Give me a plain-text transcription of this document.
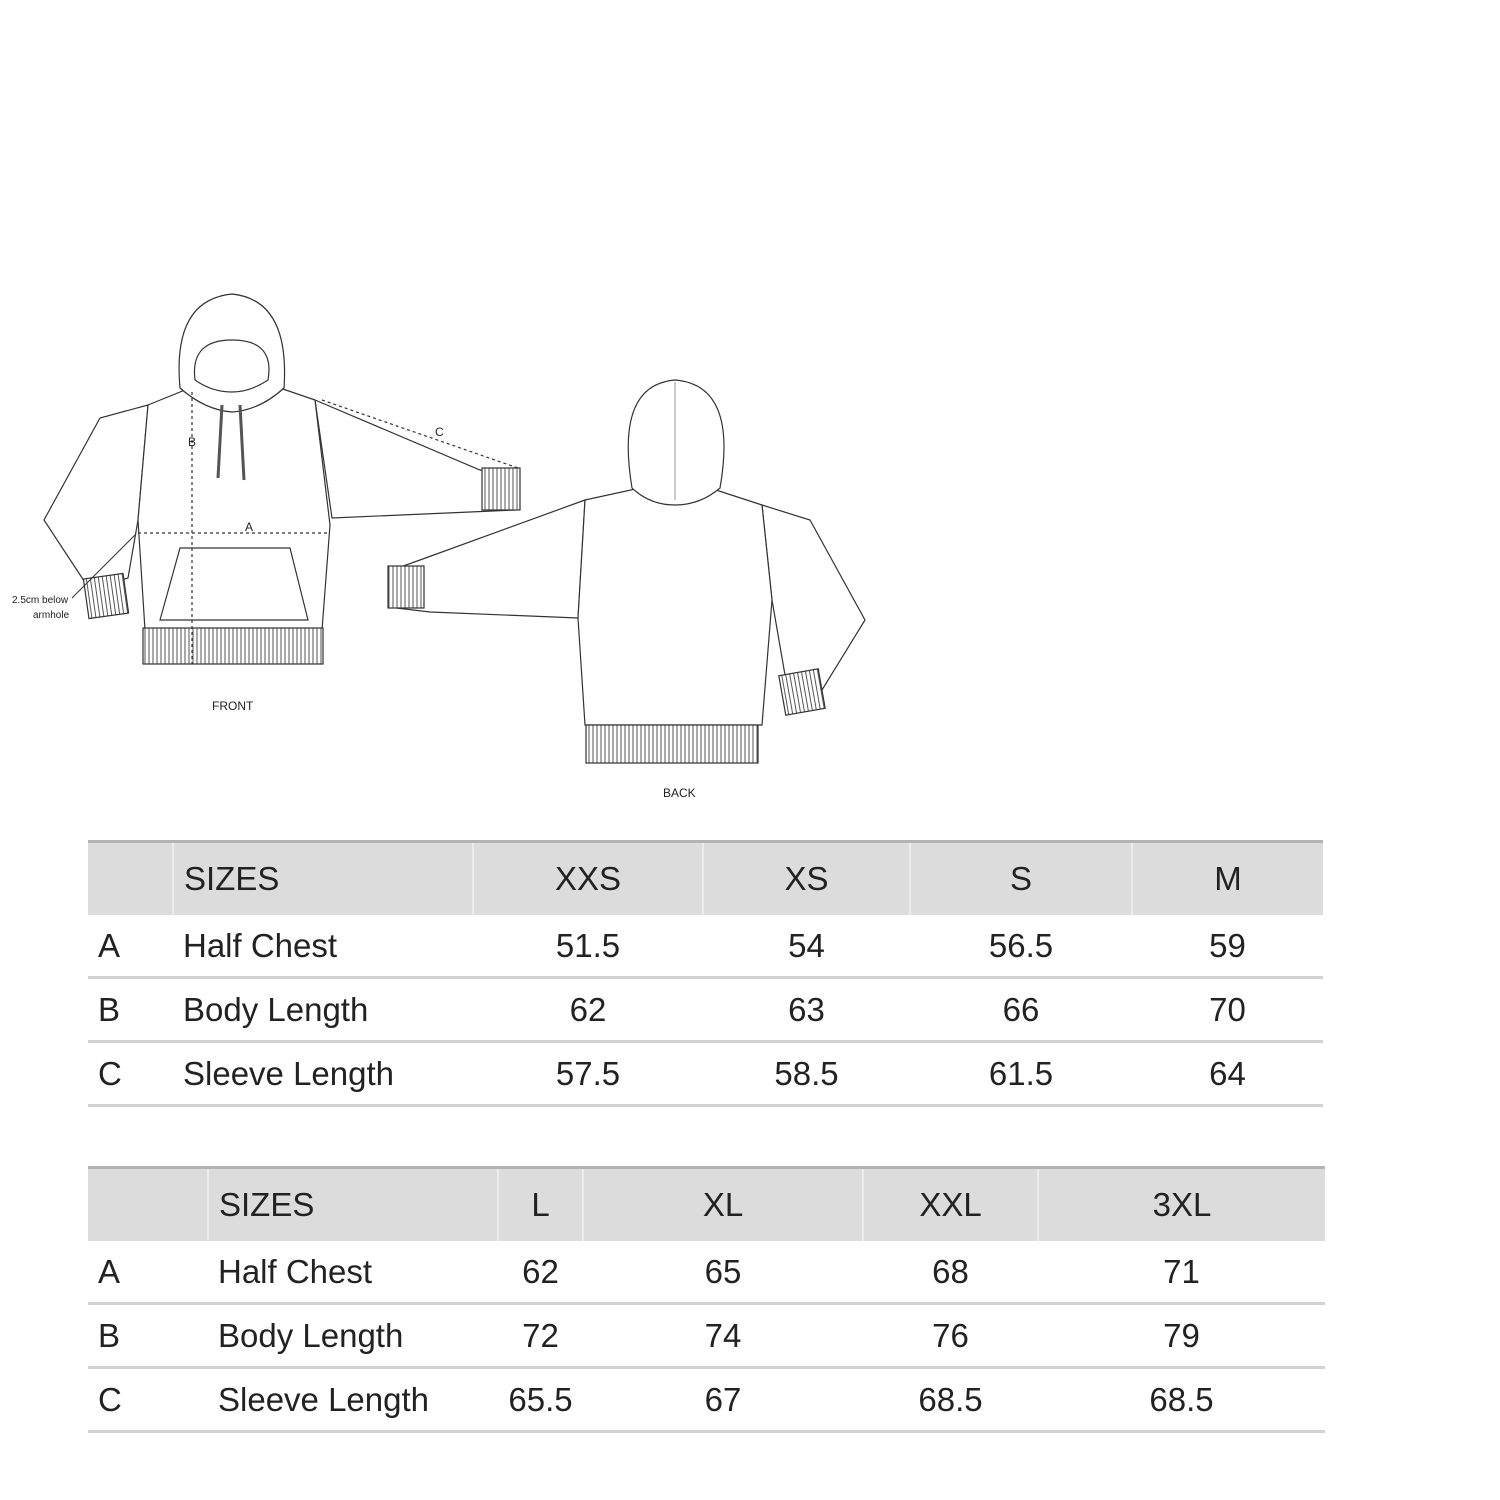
B
A
C
2.5cm below
armhole
FRONT
BACK
	SIZES	XXS	XS	S	M
A	Half Chest	51.5	54	56.5	59
B	Body Length	62	63	66	70
C	Sleeve Length	57.5	58.5	61.5	64
	SIZES	L	XL	XXL	3XL
A	Half Chest	62	65	68	71
B	Body Length	72	74	76	79
C	Sleeve Length	65.5	67	68.5	68.5
